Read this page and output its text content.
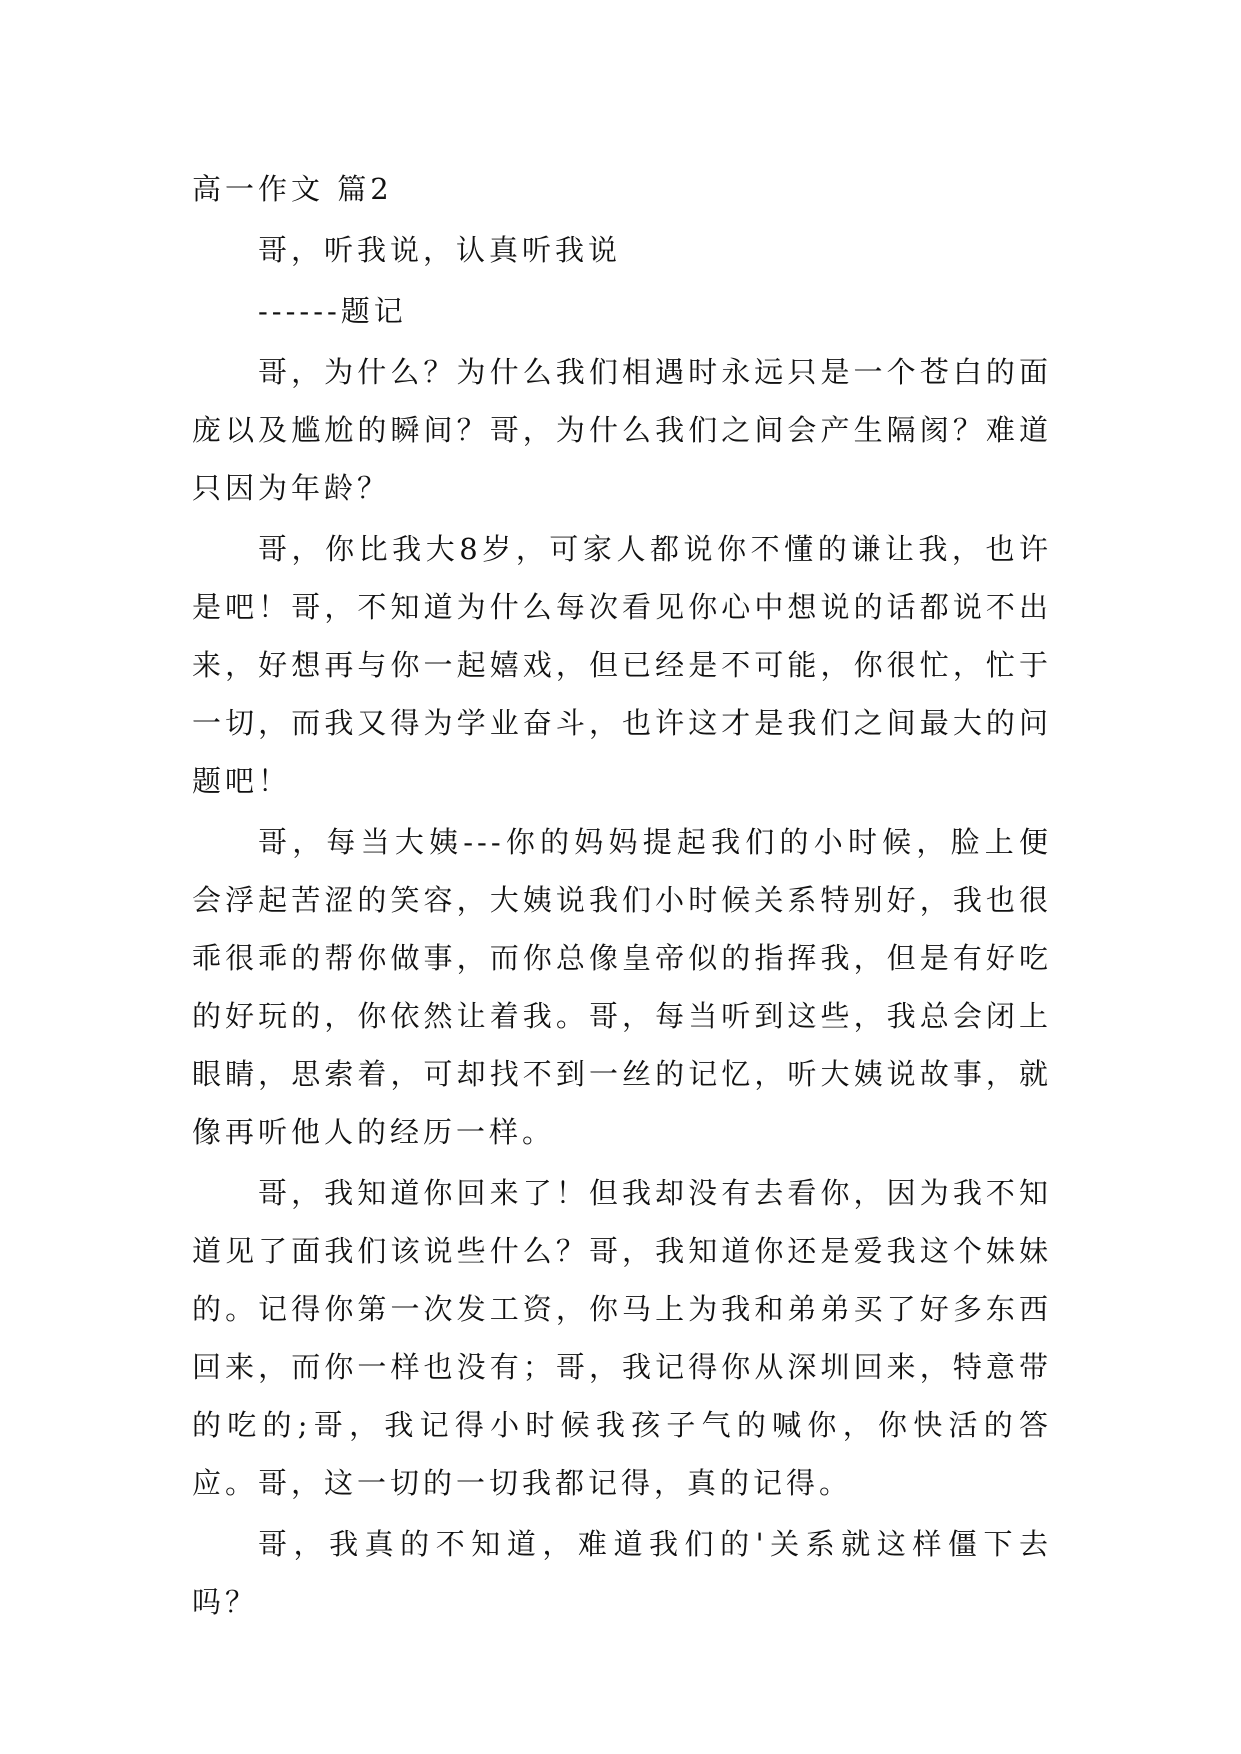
高一作文 篇2

哥，听我说，认真听我说

------题记

哥，为什么？为什么我们相遇时永远只是一个苍白的面庞以及尴尬的瞬间？哥，为什么我们之间会产生隔阂？难道只因为年龄？

哥，你比我大8岁，可家人都说你不懂的谦让我，也许是吧！哥，不知道为什么每次看见你心中想说的话都说不出来，好想再与你一起嬉戏，但已经是不可能，你很忙，忙于一切，而我又得为学业奋斗，也许这才是我们之间最大的问题吧！

哥，每当大姨---你的妈妈提起我们的小时候，脸上便会浮起苦涩的笑容，大姨说我们小时候关系特别好，我也很乖很乖的帮你做事，而你总像皇帝似的指挥我，但是有好吃的好玩的，你依然让着我。哥，每当听到这些，我总会闭上眼睛，思索着，可却找不到一丝的记忆，听大姨说故事，就像再听他人的经历一样。

哥，我知道你回来了！但我却没有去看你，因为我不知道见了面我们该说些什么？哥，我知道你还是爱我这个妹妹的。记得你第一次发工资，你马上为我和弟弟买了好多东西回来，而你一样也没有；哥，我记得你从深圳回来，特意带的吃的;哥，我记得小时候我孩子气的喊你，你快活的答应。哥，这一切的一切我都记得，真的记得。

哥，我真的不知道，难道我们的'关系就这样僵下去吗？
